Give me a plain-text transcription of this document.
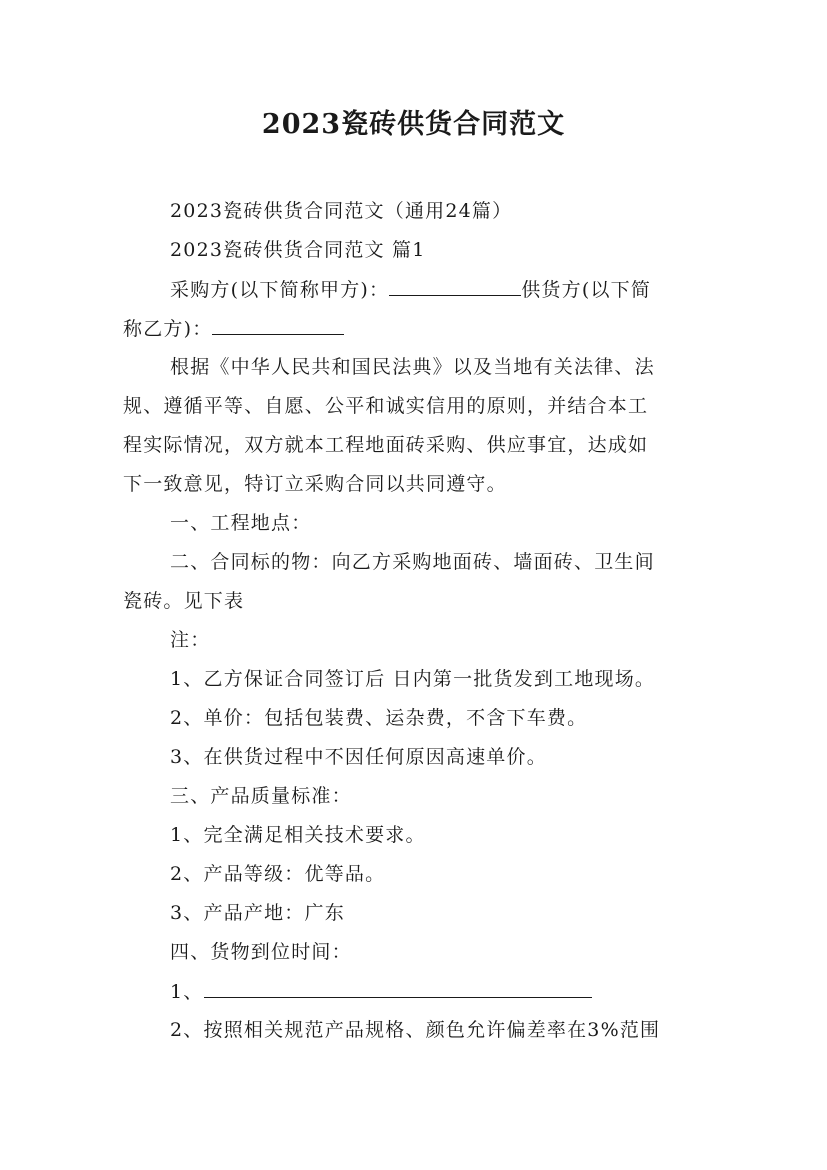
2023瓷砖供货合同范文
2023瓷砖供货合同范文（通用24篇）
2023瓷砖供货合同范文 篇1
采购方(以下简称甲方)：	供货方(以下简
称乙方)：
根据《中华人民共和国民法典》以及当地有关法律、法
规、遵循平等、自愿、公平和诚实信用的原则，并结合本工
程实际情况，双方就本工程地面砖采购、供应事宜，达成如
下一致意见，特订立采购合同以共同遵守。
一、工程地点：
二、合同标的物：向乙方采购地面砖、墙面砖、卫生间
瓷砖。见下表
注：
1、乙方保证合同签订后 日内第一批货发到工地现场。
2、单价：包括包装费、运杂费，不含下车费。
3、在供货过程中不因任何原因高速单价。
三、产品质量标准：
1、完全满足相关技术要求。
2、产品等级：优等品。
3、产品产地：广东
四、货物到位时间：
1、
2、按照相关规范产品规格、颜色允许偏差率在3%范围
